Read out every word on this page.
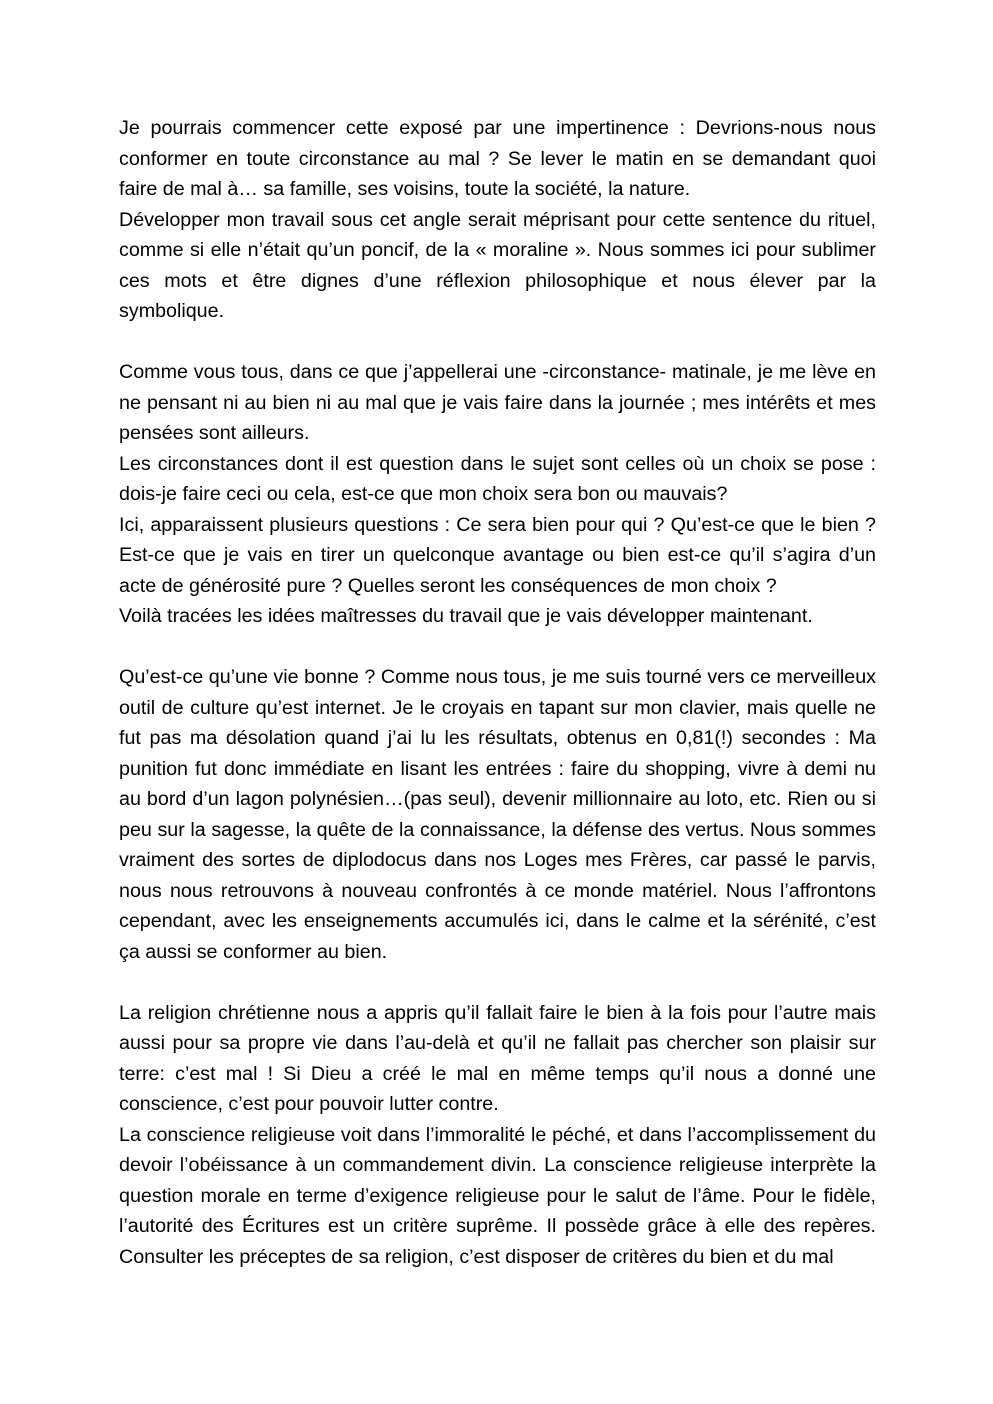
Je pourrais commencer cette exposé par une impertinence : Devrions-nous nous conformer en toute circonstance au mal ? Se lever le matin en se demandant quoi faire de mal à… sa famille, ses voisins, toute la société, la nature.

Développer mon travail sous cet angle serait méprisant pour cette sentence du rituel, comme si elle n’était qu’un poncif, de la « moraline ». Nous sommes ici pour sublimer ces mots et être dignes d’une réflexion philosophique et nous élever par la symbolique.

Comme vous tous, dans ce que j’appellerai une -circonstance- matinale, je me lève en ne pensant ni au bien ni au mal que je vais faire dans la journée ; mes intérêts et mes pensées sont ailleurs.

Les circonstances dont il est question dans le sujet sont celles où un choix se pose : dois-je faire ceci ou cela, est-ce que mon choix sera bon ou mauvais?

Ici, apparaissent plusieurs questions : Ce sera bien pour qui ? Qu’est-ce que le bien ? Est-ce que je vais en tirer un quelconque avantage ou bien est-ce qu’il s’agira d’un acte de générosité pure ? Quelles seront les conséquences de mon choix ?

Voilà tracées les idées maîtresses du travail que je vais développer maintenant.

Qu’est-ce qu’une vie bonne ? Comme nous tous, je me suis tourné vers ce merveilleux outil de culture qu’est internet. Je le croyais en tapant sur mon clavier, mais quelle ne fut pas ma désolation quand j’ai lu les résultats, obtenus en 0,81(!) secondes : Ma punition fut donc immédiate en lisant les entrées : faire du shopping, vivre à demi nu au bord d’un lagon polynésien…(pas seul), devenir millionnaire au loto, etc. Rien ou si peu sur la sagesse, la quête de la connaissance, la défense des vertus. Nous sommes vraiment des sortes de diplodocus dans nos Loges mes Frères, car passé le parvis, nous nous retrouvons à nouveau confrontés à ce monde matériel. Nous l’affrontons cependant, avec les enseignements accumulés ici, dans le calme et la sérénité, c’est ça aussi se conformer au bien.

La religion chrétienne nous a appris qu’il fallait faire le bien à la fois pour l’autre mais aussi pour sa propre vie dans l’au-delà et qu’il ne fallait pas chercher son plaisir sur terre: c’est mal ! Si Dieu a créé le mal en même temps qu’il nous a donné une conscience, c’est pour pouvoir lutter contre.

La conscience religieuse voit dans l’immoralité le péché, et dans l’accomplissement du devoir l’obéissance à un commandement divin. La conscience religieuse interprète la question morale en terme d’exigence religieuse pour le salut de l’âme. Pour le fidèle, l’autorité des Écritures est un critère suprême. Il possède grâce à elle des repères. Consulter les préceptes de sa religion, c’est disposer de critères du bien et du mal
